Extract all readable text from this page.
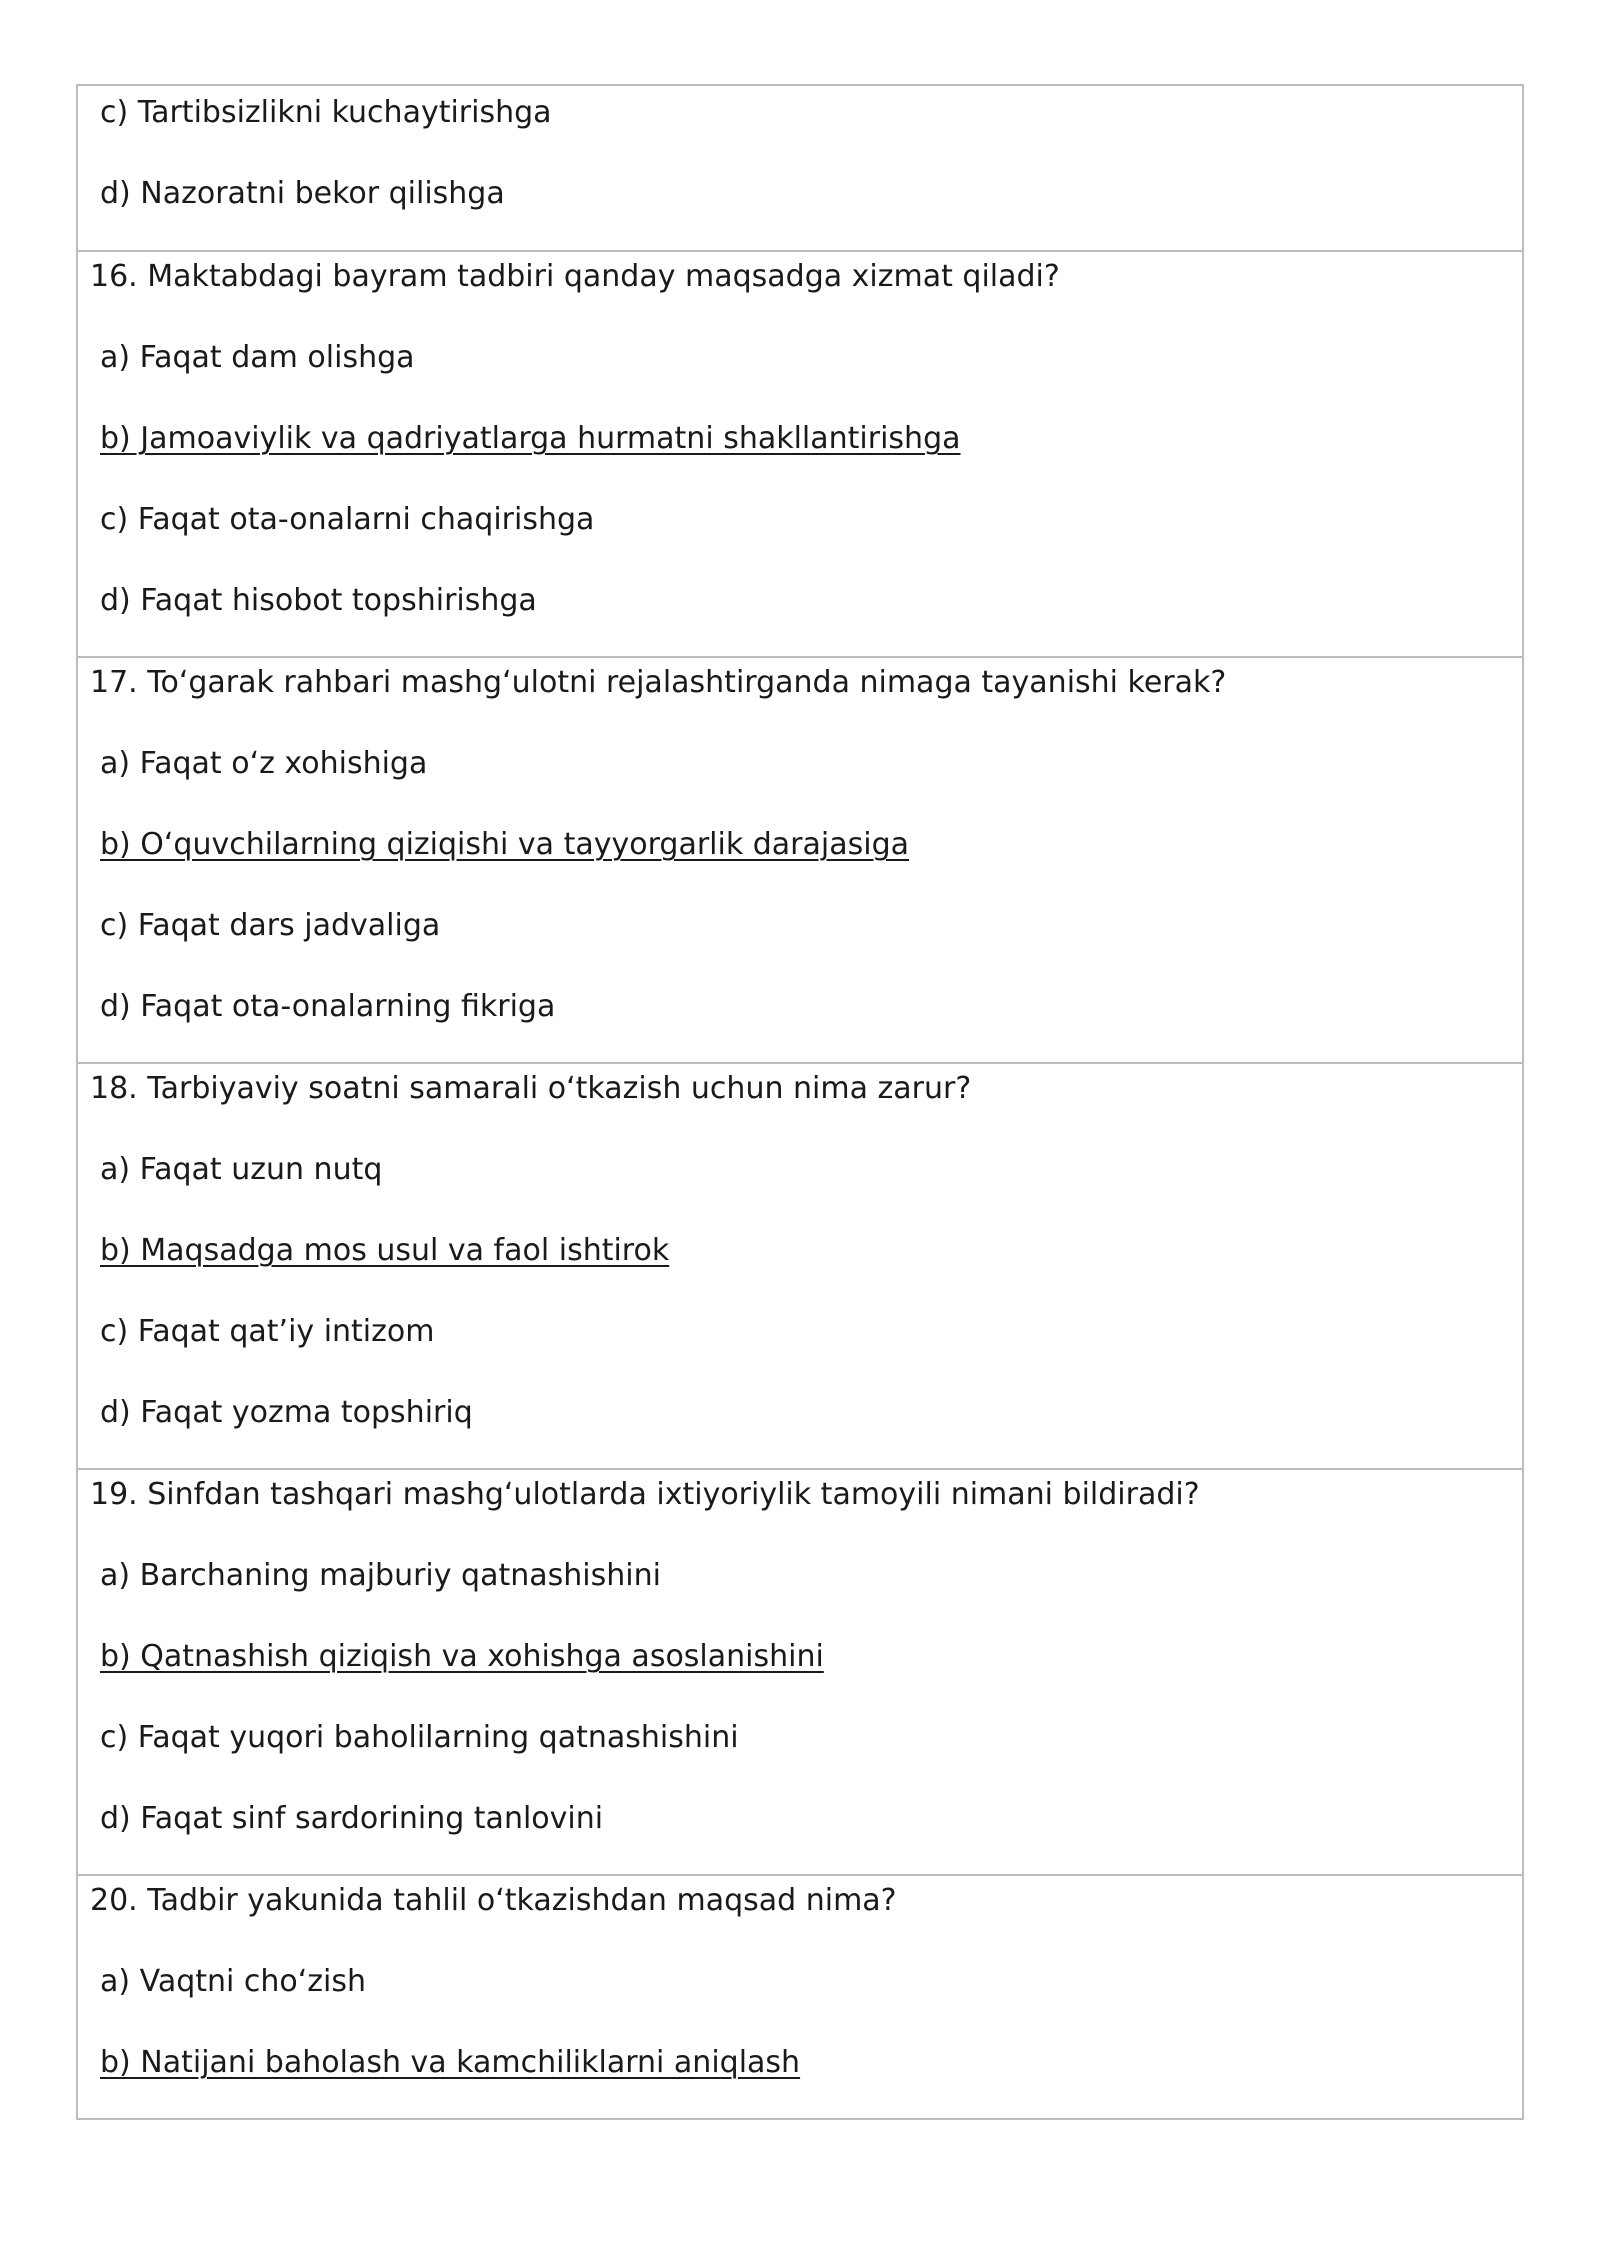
c) Tartibsizlikni kuchaytirishga
d) Nazoratni bekor qilishga
16. Maktabdagi bayram tadbiri qanday maqsadga xizmat qiladi?
a) Faqat dam olishga
b) Jamoaviylik va qadriyatlarga hurmatni shakllantirishga
c) Faqat ota-onalarni chaqirishga
d) Faqat hisobot topshirishga
17. To‘garak rahbari mashg‘ulotni rejalashtirganda nimaga tayanishi kerak?
a) Faqat o‘z xohishiga
b) O‘quvchilarning qiziqishi va tayyorgarlik darajasiga
c) Faqat dars jadvaliga
d) Faqat ota-onalarning fikriga
18. Tarbiyaviy soatni samarali o‘tkazish uchun nima zarur?
a) Faqat uzun nutq
b) Maqsadga mos usul va faol ishtirok
c) Faqat qat’iy intizom
d) Faqat yozma topshiriq
19. Sinfdan tashqari mashg‘ulotlarda ixtiyoriylik tamoyili nimani bildiradi?
a) Barchaning majburiy qatnashishini
b) Qatnashish qiziqish va xohishga asoslanishini
c) Faqat yuqori baholilarning qatnashishini
d) Faqat sinf sardorining tanlovini
20. Tadbir yakunida tahlil o‘tkazishdan maqsad nima?
a) Vaqtni cho‘zish
b) Natijani baholash va kamchiliklarni aniqlash
